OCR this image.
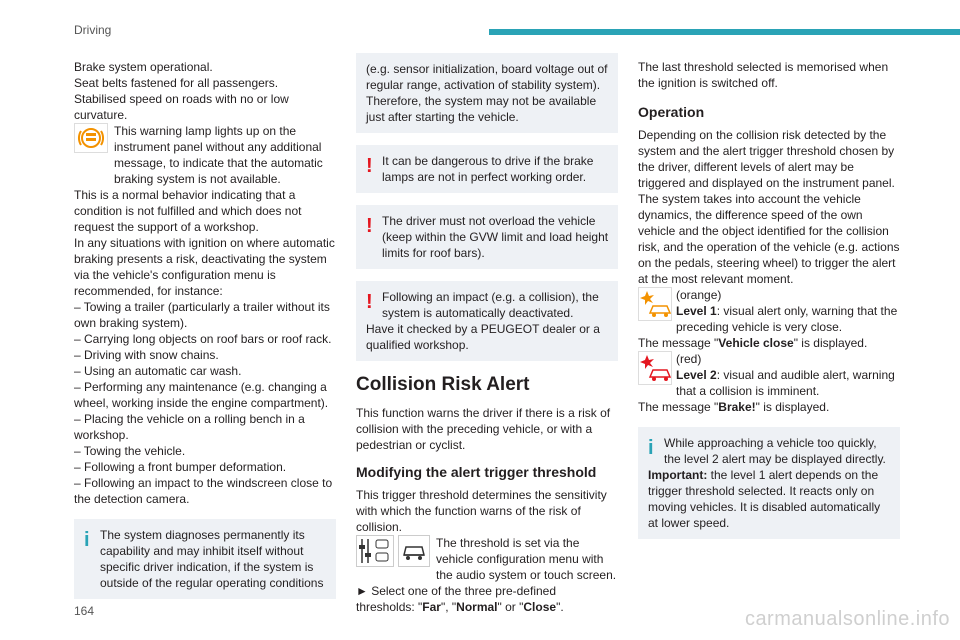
Driving

Brake system operational.

Seat belts fastened for all passengers.

Stabilised speed on roads with no or low curvature.

This warning lamp lights up on the instrument panel without any additional message, to indicate that the automatic braking system is not available.

This is a normal behavior indicating that a condition is not fulfilled and which does not request the support of a workshop.

In any situations with ignition on where automatic braking presents a risk, deactivating the system via the vehicle's configuration menu is recommended, for instance:

– Towing a trailer (particularly a trailer without its own braking system).

– Carrying long objects on roof bars or roof rack.

– Driving with snow chains.

– Using an automatic car wash.

– Performing any maintenance (e.g. changing a wheel, working inside the engine compartment).

– Placing the vehicle on a rolling bench in a workshop.

– Towing the vehicle.

– Following a front bumper deformation.

– Following an impact to the windscreen close to the detection camera.

i The system diagnoses permanently its capability and may inhibit itself without specific driver indication, if the system is outside of the regular operating conditions
(e.g. sensor initialization, board voltage out of regular range, activation of stability system). Therefore, the system may not be available just after starting the vehicle.
! It can be dangerous to drive if the brake lamps are not in perfect working order.
! The driver must not overload the vehicle (keep within the GVW limit and load height limits for roof bars).
! Following an impact (e.g. a collision), the system is automatically deactivated.
Have it checked by a PEUGEOT dealer or a qualified workshop.
Collision Risk Alert

This function warns the driver if there is a risk of collision with the preceding vehicle, or with a pedestrian or cyclist.

Modifying the alert trigger threshold

This trigger threshold determines the sensitivity with which the function warns of the risk of collision.

The threshold is set via the vehicle configuration menu with the audio system or touch screen.

► Select one of the three pre-defined thresholds: "Far", "Normal" or "Close".

The last threshold selected is memorised when the ignition is switched off.

Operation

Depending on the collision risk detected by the system and the alert trigger threshold chosen by the driver, different levels of alert may be triggered and displayed on the instrument panel. The system takes into account the vehicle dynamics, the difference speed of the own vehicle and the object identified for the collision risk, and the operation of the vehicle (e.g. actions on the pedals, steering wheel) to trigger the alert at the most relevant moment.

(orange)
Level 1: visual alert only, warning that the preceding vehicle is very close.

The message "Vehicle close" is displayed.

(red)
Level 2: visual and audible alert, warning that a collision is imminent.

The message "Brake!" is displayed.

i While approaching a vehicle too quickly, the level 2 alert may be displayed directly.
Important: the level 1 alert depends on the trigger threshold selected. It reacts only on moving vehicles. It is disabled automatically at lower speed.
164	carmanualsonline.info
